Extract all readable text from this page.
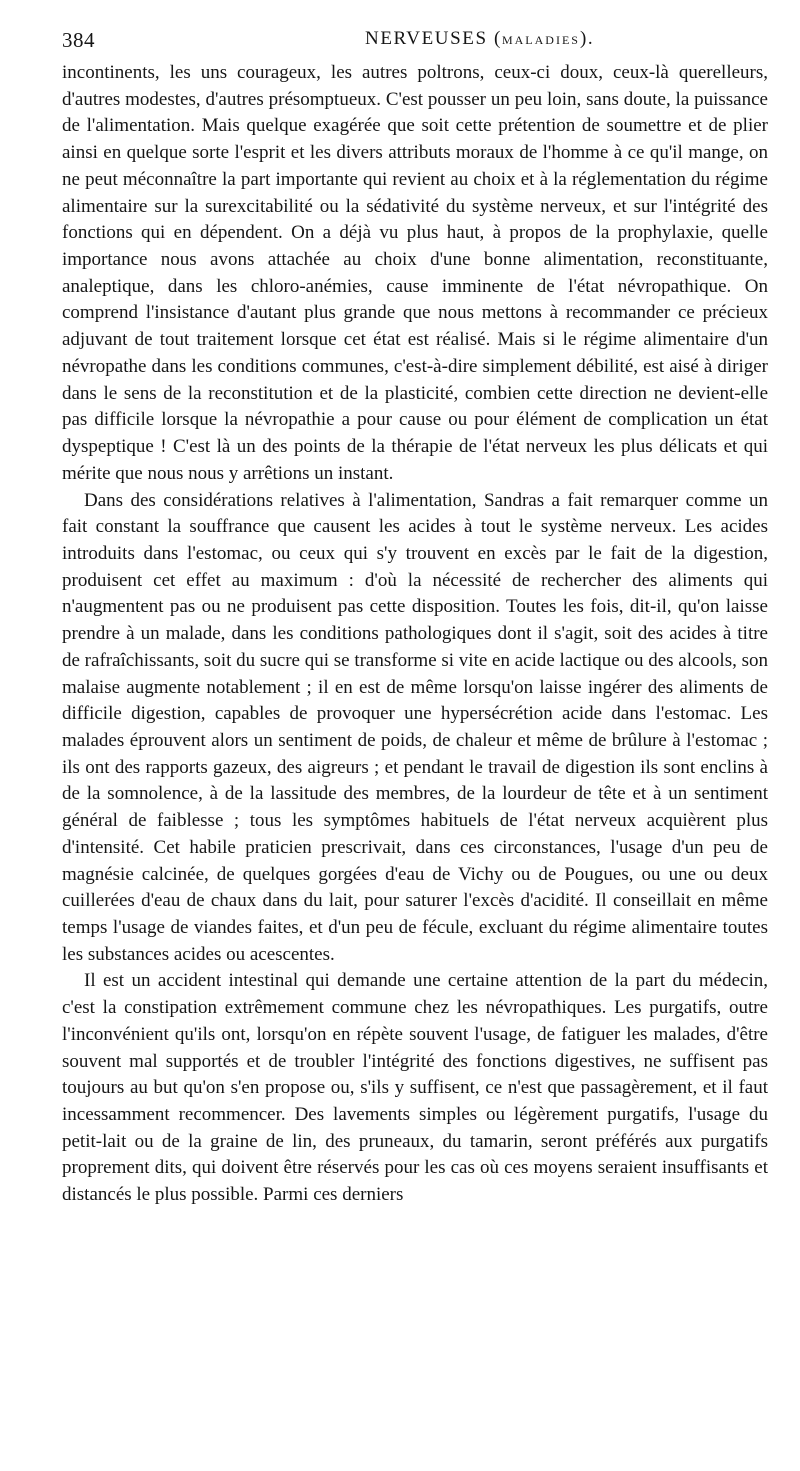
384	NERVEUSES (MALADIES).

incontinents, les uns courageux, les autres poltrons, ceux-ci doux, ceux-là querelleurs, d'autres modestes, d'autres présomptueux. C'est pousser un peu loin, sans doute, la puissance de l'alimentation. Mais quelque exagérée que soit cette prétention de soumettre et de plier ainsi en quelque sorte l'esprit et les divers attributs moraux de l'homme à ce qu'il mange, on ne peut méconnaître la part importante qui revient au choix et à la réglementation du régime alimentaire sur la surexcitabilité ou la sédativité du système nerveux, et sur l'intégrité des fonctions qui en dépendent. On a déjà vu plus haut, à propos de la prophylaxie, quelle importance nous avons attachée au choix d'une bonne alimentation, reconstituante, analeptique, dans les chloro-anémies, cause imminente de l'état névropathique. On comprend l'insistance d'autant plus grande que nous mettons à recommander ce précieux adjuvant de tout traitement lorsque cet état est réalisé. Mais si le régime alimentaire d'un névropathe dans les conditions communes, c'est-à-dire simplement débilité, est aisé à diriger dans le sens de la reconstitution et de la plasticité, combien cette direction ne devient-elle pas difficile lorsque la névropathie a pour cause ou pour élément de complication un état dyspeptique ! C'est là un des points de la thérapie de l'état nerveux les plus délicats et qui mérite que nous nous y arrêtions un instant.

Dans des considérations relatives à l'alimentation, Sandras a fait remarquer comme un fait constant la souffrance que causent les acides à tout le système nerveux. Les acides introduits dans l'estomac, ou ceux qui s'y trouvent en excès par le fait de la digestion, produisent cet effet au maximum : d'où la nécessité de rechercher des aliments qui n'augmentent pas ou ne produisent pas cette disposition. Toutes les fois, dit-il, qu'on laisse prendre à un malade, dans les conditions pathologiques dont il s'agit, soit des acides à titre de rafraîchissants, soit du sucre qui se transforme si vite en acide lactique ou des alcools, son malaise augmente notablement ; il en est de même lorsqu'on laisse ingérer des aliments de difficile digestion, capables de provoquer une hypersécrétion acide dans l'estomac. Les malades éprouvent alors un sentiment de poids, de chaleur et même de brûlure à l'estomac ; ils ont des rapports gazeux, des aigreurs ; et pendant le travail de digestion ils sont enclins à de la somnolence, à de la lassitude des membres, de la lourdeur de tête et à un sentiment général de faiblesse ; tous les symptômes habituels de l'état nerveux acquièrent plus d'intensité. Cet habile praticien prescrivait, dans ces circonstances, l'usage d'un peu de magnésie calcinée, de quelques gorgées d'eau de Vichy ou de Pougues, ou une ou deux cuillerées d'eau de chaux dans du lait, pour saturer l'excès d'acidité. Il conseillait en même temps l'usage de viandes faites, et d'un peu de fécule, excluant du régime alimentaire toutes les substances acides ou acescentes.

Il est un accident intestinal qui demande une certaine attention de la part du médecin, c'est la constipation extrêmement commune chez les névropathiques. Les purgatifs, outre l'inconvénient qu'ils ont, lorsqu'on en répète souvent l'usage, de fatiguer les malades, d'être souvent mal supportés et de troubler l'intégrité des fonctions digestives, ne suffisent pas toujours au but qu'on s'en propose ou, s'ils y suffisent, ce n'est que passagèrement, et il faut incessamment recommencer. Des lavements simples ou légèrement purgatifs, l'usage du petit-lait ou de la graine de lin, des pruneaux, du tamarin, seront préférés aux purgatifs proprement dits, qui doivent être réservés pour les cas où ces moyens seraient insuffisants et distancés le plus possible. Parmi ces derniers
